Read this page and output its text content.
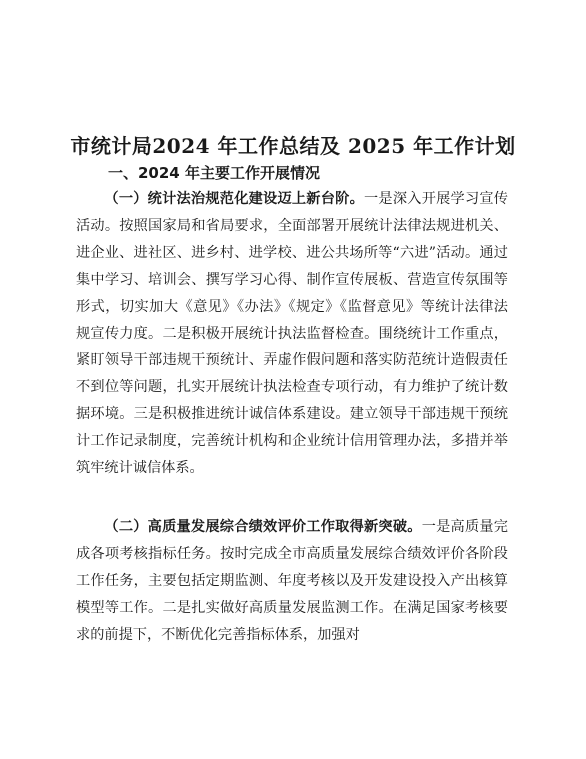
市统计局2024 年工作总结及 2025 年工作计划
一、2024 年主要工作开展情况

（一）统计法治规范化建设迈上新台阶。一是深入开展学习宣传活动。按照国家局和省局要求，全面部署开展统计法律法规进机关、进企业、进社区、进乡村、进学校、进公共场所等“六进”活动。通过集中学习、培训会、撰写学习心得、制作宣传展板、营造宣传氛围等形式，切实加大《意见》《办法》《规定》《监督意见》等统计法律法规宣传力度。二是积极开展统计执法监督检查。围绕统计工作重点，紧盯领导干部违规干预统计、弄虚作假问题和落实防范统计造假责任不到位等问题，扎实开展统计执法检查专项行动，有力维护了统计数据环境。三是积极推进统计诚信体系建设。建立领导干部违规干预统计工作记录制度，完善统计机构和企业统计信用管理办法，多措并举筑牢统计诚信体系。

（二）高质量发展综合绩效评价工作取得新突破。一是高质量完成各项考核指标任务。按时完成全市高质量发展综合绩效评价各阶段工作任务，主要包括定期监测、年度考核以及开发建设投入产出核算模型等工作。二是扎实做好高质量发展监测工作。在满足国家考核要求的前提下，不断优化完善指标体系，加强对
